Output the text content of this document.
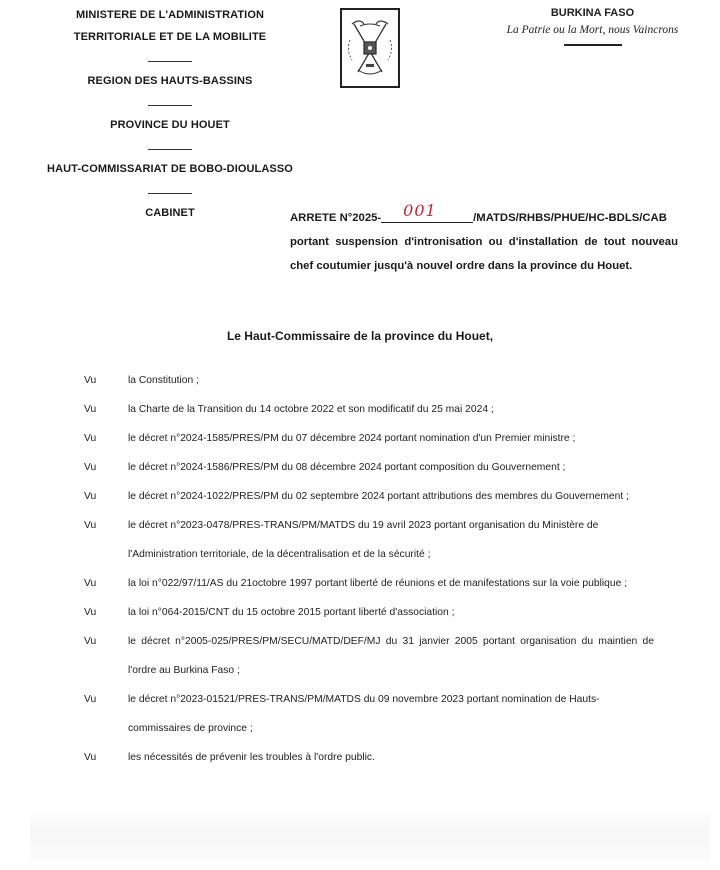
MINISTERE DE L'ADMINISTRATION
TERRITORIALE ET DE LA MOBILITE
REGION DES HAUTS-BASSINS
PROVINCE DU HOUET
HAUT-COMMISSARIAT DE BOBO-DIOULASSO
CABINET
BURKINA FASO
La Patrie ou la Mort, nous Vaincrons
ARRETE N°2025- 001	/MATDS/RHBS/PHUE/HC-BDLS/CAB
portant suspension d'intronisation ou d'installation de tout nouveau chef coutumier jusqu'à nouvel ordre dans la province du Houet.
Le Haut-Commissaire de la province du Houet,
Vu	la Constitution ;
Vu	la Charte de la Transition du 14 octobre 2022 et son modificatif du 25 mai 2024 ;
Vu	le décret n°2024-1585/PRES/PM du 07 décembre 2024 portant nomination d'un Premier ministre ;
Vu	le décret n°2024-1586/PRES/PM du 08 décembre 2024 portant composition du Gouvernement ;
Vu	le décret n°2024-1022/PRES/PM du 02 septembre 2024 portant attributions des membres du Gouvernement ;
Vu	le décret n°2023-0478/PRES-TRANS/PM/MATDS du 19 avril 2023 portant organisation du Ministère de l'Administration territoriale, de la décentralisation et de la sécurité ;
Vu	la loi n°022/97/11/AS du 21octobre 1997 portant liberté de réunions et de manifestations sur la voie publique ;
Vu	la loi n°064-2015/CNT du 15 octobre 2015 portant liberté d'association ;
Vu	le décret n°2005-025/PRES/PM/SECU/MATD/DEF/MJ du 31 janvier 2005 portant organisation du maintien de l'ordre au Burkina Faso ;
Vu	le décret n°2023-01521/PRES-TRANS/PM/MATDS du 09 novembre 2023 portant nomination de Hauts-commissaires de province ;
Vu	les nécessités de prévenir les troubles à l'ordre public.
